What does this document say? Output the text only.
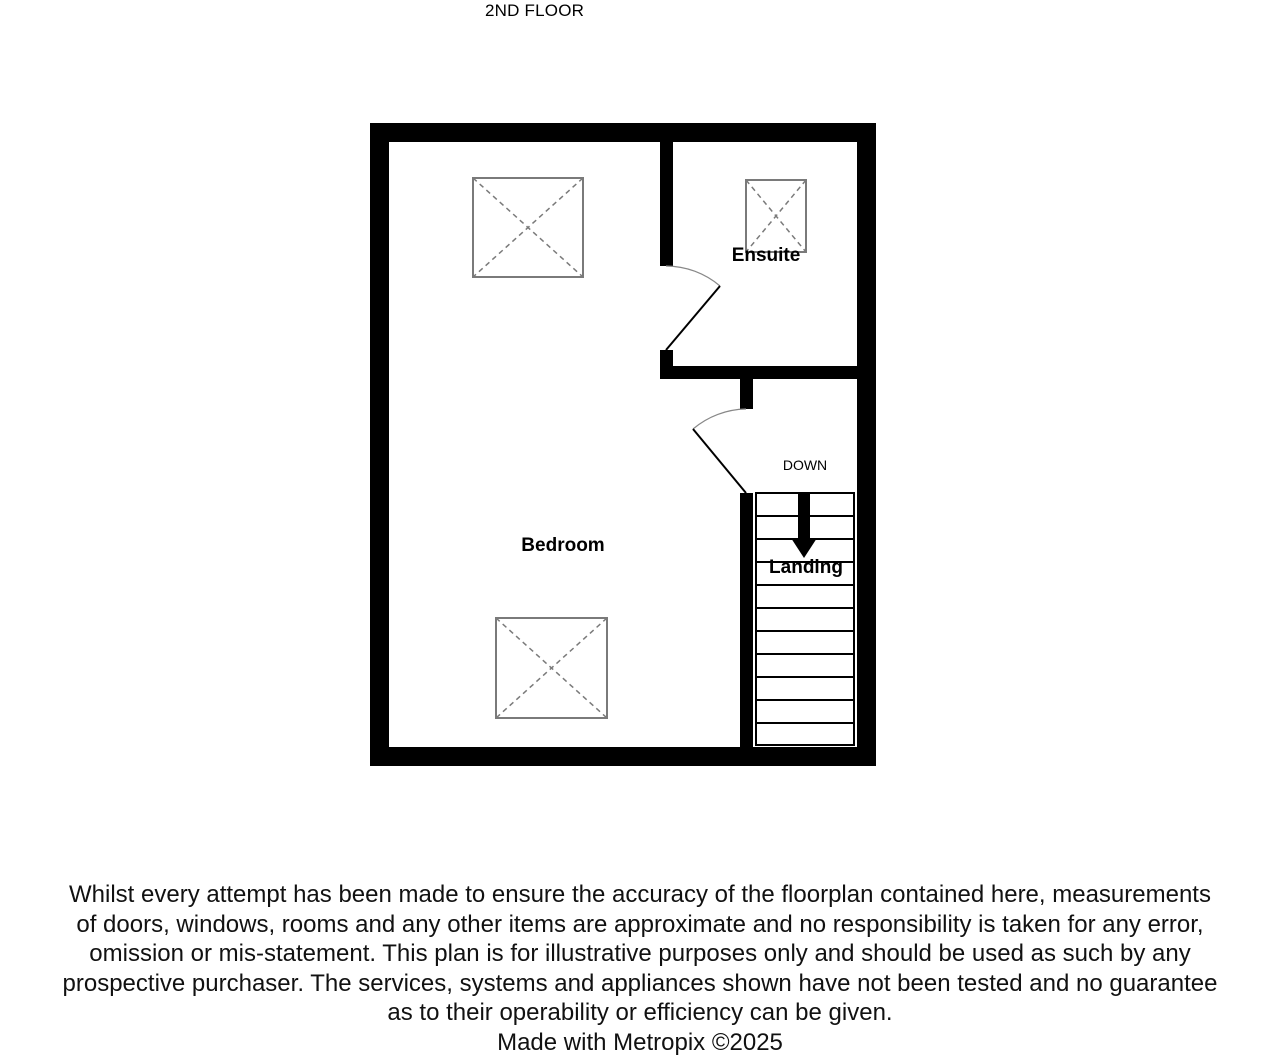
2ND FLOOR
Bedroom
Ensuite
Landing
DOWN
Whilst every attempt has been made to ensure the accuracy of the floorplan contained here, measurements
of doors, windows, rooms and any other items are approximate and no responsibility is taken for any error,
omission or mis-statement. This plan is for illustrative purposes only and should be used as such by any
prospective purchaser. The services, systems and appliances shown have not been tested and no guarantee
as to their operability or efficiency can be given.
Made with Metropix ©2025
